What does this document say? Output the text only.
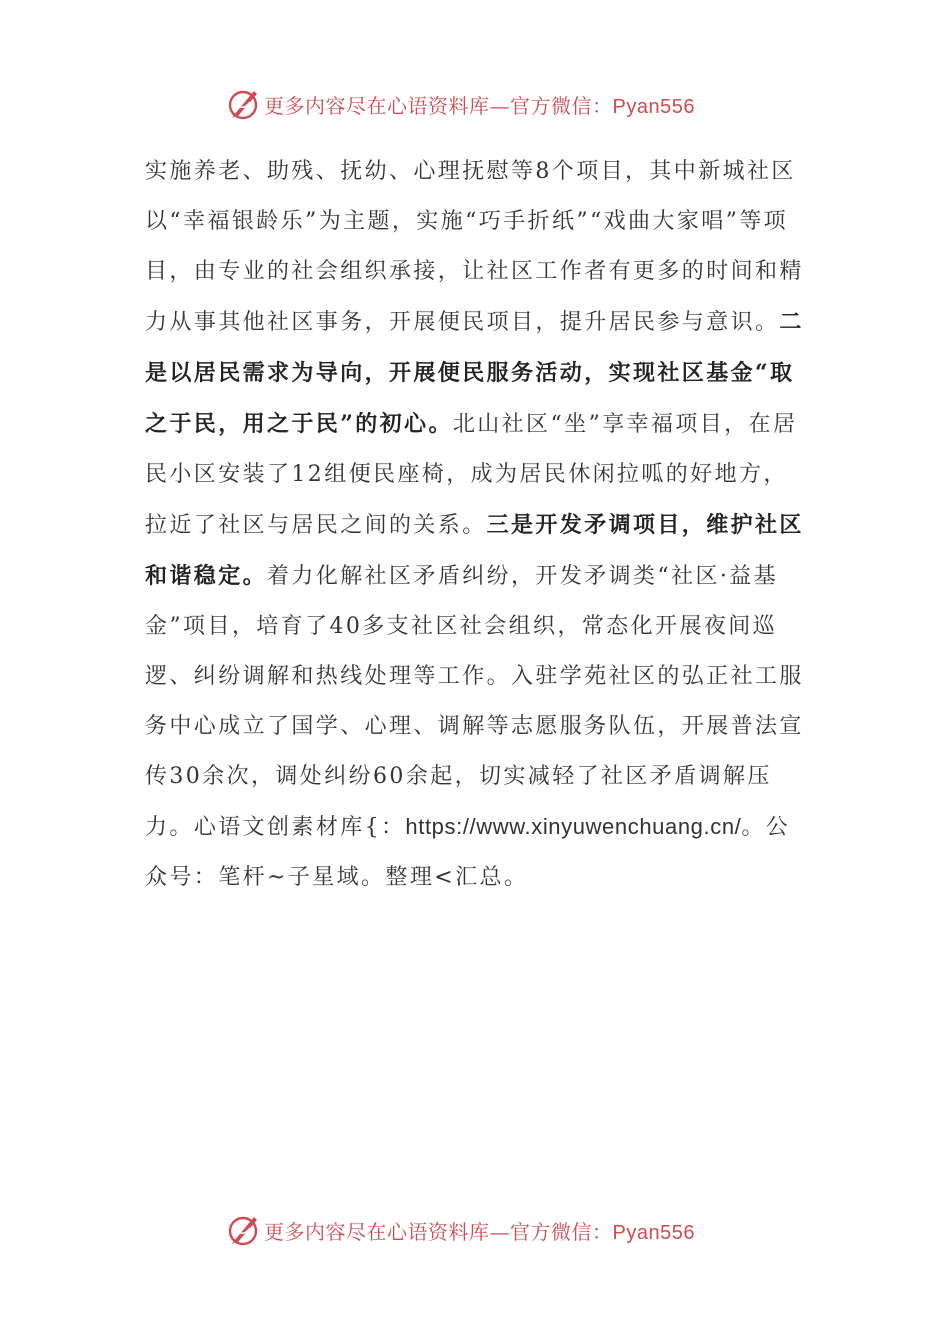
更多内容尽在心语资料库—官方微信：Pyan556

实施养老、助残、抚幼、心理抚慰等8个项目，其中新城社区以“幸福银龄乐”为主题，实施“巧手折纸”“戏曲大家唱”等项目，由专业的社会组织承接，让社区工作者有更多的时间和精力从事其他社区事务，开展便民项目，提升居民参与意识。二是以居民需求为导向，开展便民服务活动，实现社区基金“取之于民，用之于民”的初心。北山社区“坐”享幸福项目，在居民小区安装了12组便民座椅，成为居民休闲拉呱的好地方，拉近了社区与居民之间的关系。三是开发矛调项目，维护社区和谐稳定。着力化解社区矛盾纠纷，开发矛调类“社区·益基金”项目，培育了40多支社区社会组织，常态化开展夜间巡逻、纠纷调解和热线处理等工作。入驻学苑社区的弘正社工服务中心成立了国学、心理、调解等志愿服务队伍，开展普法宣传30余次，调处纠纷60余起，切实减轻了社区矛盾调解压力。心语文创素材库{：https://www.xinyuwenchuang.cn/。公众号：笔杆~子星域。整理<汇总。

更多内容尽在心语资料库—官方微信：Pyan556
